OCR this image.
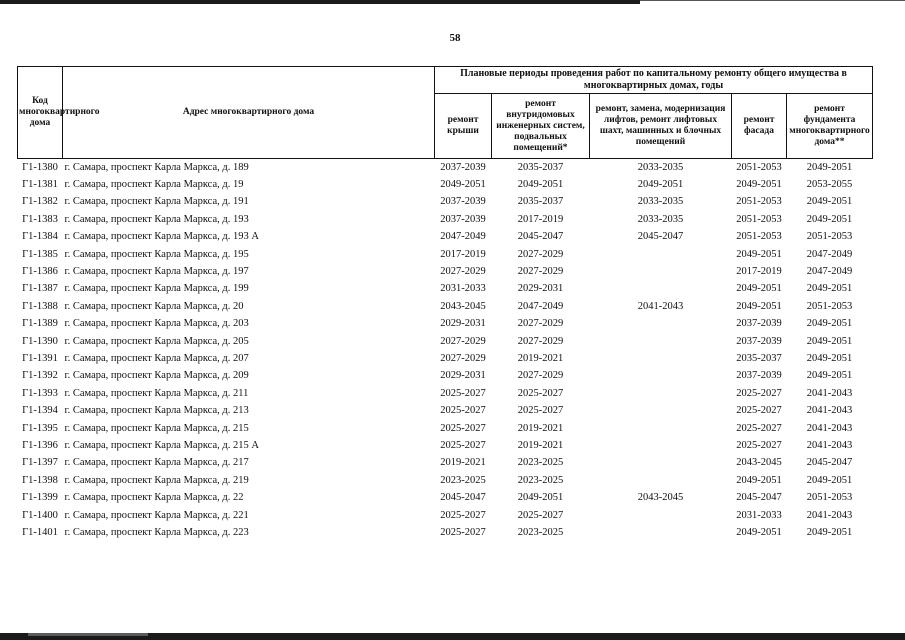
58
Код многоквартирного дома	Адрес многоквартирного дома	Плановые периоды проведения работ по капитальному ремонту общего имущества в многоквартирных домах, годы				
		ремонт крыши	ремонт внутридомовых инженерных систем, подвальных помещений*	ремонт, замена, модернизация лифтов, ремонт лифтовых шахт, машинных и блочных помещений	ремонт фасада	ремонт фундамента многоквартирного дома**
Г1-1380	г. Самара, проспект Карла Маркса, д. 189	2037-2039	2035-2037	2033-2035	2051-2053	2049-2051
Г1-1381	г. Самара, проспект Карла Маркса, д. 19	2049-2051	2049-2051	2049-2051	2049-2051	2053-2055
Г1-1382	г. Самара, проспект Карла Маркса, д. 191	2037-2039	2035-2037	2033-2035	2051-2053	2049-2051
Г1-1383	г. Самара, проспект Карла Маркса, д. 193	2037-2039	2017-2019	2033-2035	2051-2053	2049-2051
Г1-1384	г. Самара, проспект Карла Маркса, д. 193 А	2047-2049	2045-2047	2045-2047	2051-2053	2051-2053
Г1-1385	г. Самара, проспект Карла Маркса, д. 195	2017-2019	2027-2029		2049-2051	2047-2049
Г1-1386	г. Самара, проспект Карла Маркса, д. 197	2027-2029	2027-2029		2017-2019	2047-2049
Г1-1387	г. Самара, проспект Карла Маркса, д. 199	2031-2033	2029-2031		2049-2051	2049-2051
Г1-1388	г. Самара, проспект Карла Маркса, д. 20	2043-2045	2047-2049	2041-2043	2049-2051	2051-2053
Г1-1389	г. Самара, проспект Карла Маркса, д. 203	2029-2031	2027-2029		2037-2039	2049-2051
Г1-1390	г. Самара, проспект Карла Маркса, д. 205	2027-2029	2027-2029		2037-2039	2049-2051
Г1-1391	г. Самара, проспект Карла Маркса, д. 207	2027-2029	2019-2021		2035-2037	2049-2051
Г1-1392	г. Самара, проспект Карла Маркса, д. 209	2029-2031	2027-2029		2037-2039	2049-2051
Г1-1393	г. Самара, проспект Карла Маркса, д. 211	2025-2027	2025-2027		2025-2027	2041-2043
Г1-1394	г. Самара, проспект Карла Маркса, д. 213	2025-2027	2025-2027		2025-2027	2041-2043
Г1-1395	г. Самара, проспект Карла Маркса, д. 215	2025-2027	2019-2021		2025-2027	2041-2043
Г1-1396	г. Самара, проспект Карла Маркса, д. 215 А	2025-2027	2019-2021		2025-2027	2041-2043
Г1-1397	г. Самара, проспект Карла Маркса, д. 217	2019-2021	2023-2025		2043-2045	2045-2047
Г1-1398	г. Самара, проспект Карла Маркса, д. 219	2023-2025	2023-2025		2049-2051	2049-2051
Г1-1399	г. Самара, проспект Карла Маркса, д. 22	2045-2047	2049-2051	2043-2045	2045-2047	2051-2053
Г1-1400	г. Самара, проспект Карла Маркса, д. 221	2025-2027	2025-2027		2031-2033	2041-2043
Г1-1401	г. Самара, проспект Карла Маркса, д. 223	2025-2027	2023-2025		2049-2051	2049-2051
